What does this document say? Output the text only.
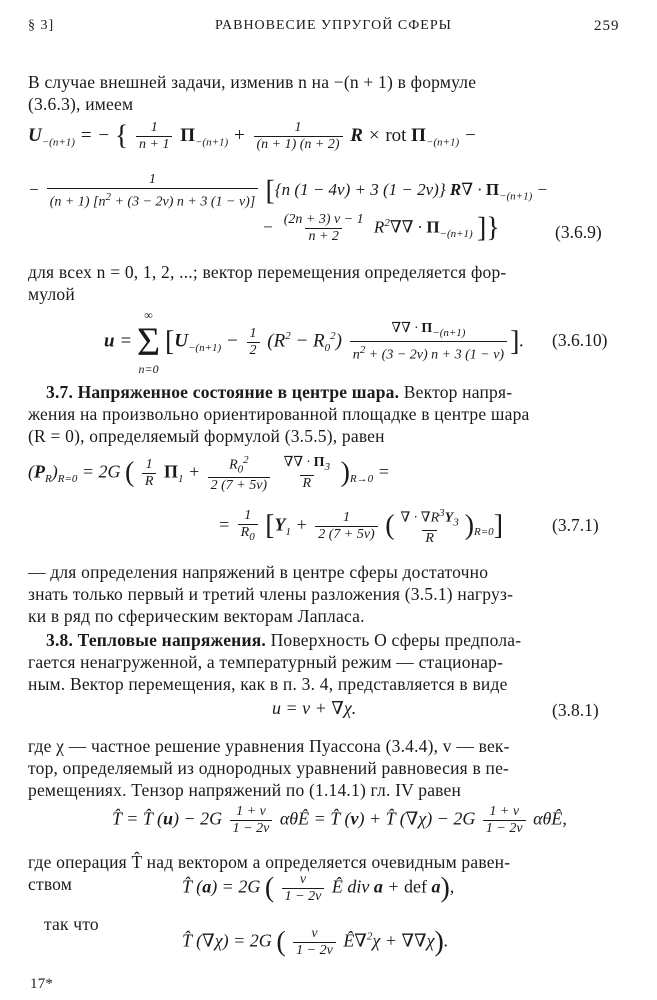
§ 3]	РАВНОВЕСИЕ УПРУГОЙ СФЕРЫ	259
В случае внешней задачи, изменив n на −(n + 1) в формуле
(3.6.3), имеем
$U_{-(n+1)}$ = − { $\frac{1}{n + 1} \Pi_{-(n+1)} + \frac{1}{(n + 1) (n + 2)}$ R × rot $\Pi_{-(n+1)}$ −
− $\frac{1}{(n + 1) [n^2 + (3 - 2\nu) n + 3 (1 - \nu)]} [\{n$ (1 − 4ν) + 3 (1 − 2ν)} $R\nabla \cdot \Pi_{-(n+1)}$ −
− $\frac{(2n + 3) \nu - 1}{n + 2} R^2\nabla\nabla \cdot \Pi_{-(n+1)}$ ]}	(3.6.9)
для всех n = 0, 1, 2, ...; вектор перемещения определяется фор-
мулой
u =
∞
Σ
n=0
[$U_{-(n+1)} - \frac{1}{2} (R^2 - R_0^2) \frac{\nabla\nabla \cdot \Pi_{-(n+1)}}{n^2 + (3 - 2\nu) n + 3 (1 - \nu)}$ ]. (3.6.10)
3.7. Напряженное состояние в центре шара. Вектор напря-
жения на произвольно ориентированной площадке в центре шара
(R = 0), определяемый формулой (3.5.5), равен
$(P_R)_{R=0} = 2G$ ( $\frac{1}{R} \Pi_1 + \frac{R_0^2}{2 (7 + 5\nu)}$
$\frac{\nabla\nabla \cdot \Pi_3}{R} )_{R\to 0}$ =
= $\frac{1}{R_0} [Y_1 + \frac{1}{2 (7 + 5\nu)}$ ( $\frac{\nabla \cdot \nabla R^3Y_3}{R} )_{R=0}$]	(3.7.1)
— для определения напряжений в центре сферы достаточно
знать только первый и третий члены разложения (3.5.1) нагруз-
ки в ряд по сферическим векторам Лапласа.
3.8. Тепловые напряжения. Поверхность O сферы предпола-
гается ненагруженной, а температурный режим — стационар-
ным. Вектор перемещения, как в п. 3. 4, представляется в виде
u = v + ∇χ.	(3.8.1)
где χ — частное решение уравнения Пуассона (3.4.4), v — век-
тор, определяемый из однородных уравнений равновесия в пе-
ремещениях. Тензор напряжений по (1.14.1) гл. IV равен
T̂ = T̂ $(u) - 2G \frac{1 + \nu}{1 - 2\nu}$ αθÊ = T̂ (v) + T̂ $(\nabla\chi) - 2G \frac{1 + \nu}{1 - 2\nu}$ αθÊ,
где операция T̂ над вектором a определяется очевидным равен-
ством	T̂ (a) = 2G ( $\frac{\nu}{1 - 2\nu}$ Ê div a + def a),
так что
T̂ (∇χ) = 2G ( $\frac{\nu}{1 - 2\nu}$ Ê∇$^2$χ + ∇∇χ).
17*
